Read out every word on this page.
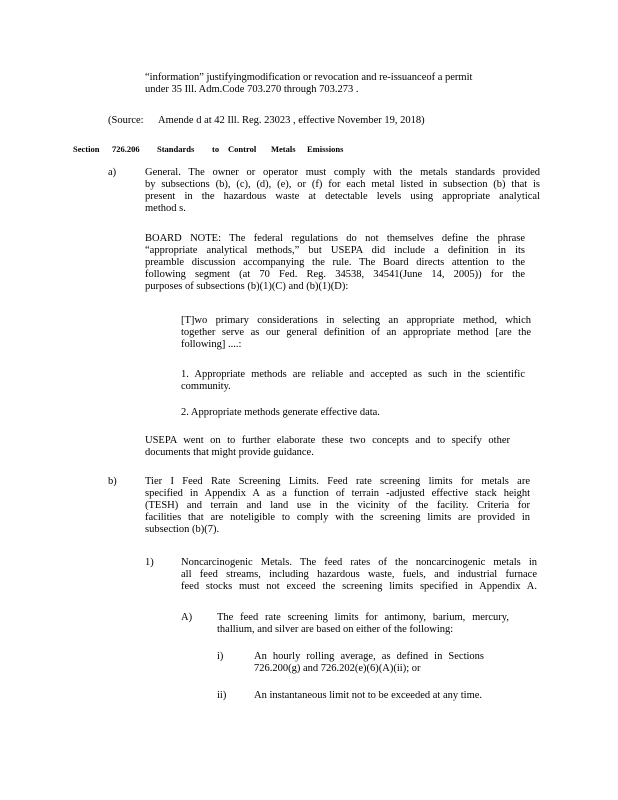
“information” justifyingmodification or revocation and re-issuanceof a permit
under 35 Ill. Adm.Code 703.270 through 703.273 .
(Source: Amende d at 42 Ill. Reg. 23023 , effective November 19, 2018)
Section 726.206 Standards to Control Metals Emissions
a)	General. The owner or operator must comply with the metals standards provided
by subsections (b), (c), (d), (e), or (f) for each metal listed in subsection (b) that is
present in the hazardous waste at detectable levels using appropriate analytical
method s.
BOARD NOTE: The federal regulations do not themselves define the phrase
“appropriate analytical methods,” but USEPA did include a definition in its
preamble discussion accompanying the rule. The Board directs attention to the
following segment (at 70 Fed. Reg. 34538, 34541(June 14, 2005)) for the
purposes of subsections (b)(1)(C) and (b)(1)(D):
[T]wo primary considerations in selecting an appropriate method, which
together serve as our general definition of an appropriate method [are the
following] ....:
1. Appropriate methods are reliable and accepted as such in the scientific
community.
2. Appropriate methods generate effective data.
USEPA went on to further elaborate these two concepts and to specify other
documents that might provide guidance.
b)	Tier I Feed Rate Screening Limits. Feed rate screening limits for metals are
specified in Appendix A as a function of terrain -adjusted effective stack height
(TESH) and terrain and land use in the vicinity of the facility. Criteria for
facilities that are noteligible to comply with the screening limits are provided in
subsection (b)(7).
1)	Noncarcinogenic Metals. The feed rates of the noncarcinogenic metals in
all feed streams, including hazardous waste, fuels, and industrial furnace
feed stocks must not exceed the screening limits specified in Appendix A.
A) The feed rate screening limits for antimony, barium, mercury,
thallium, and silver are based on either of the following:
i)	An hourly rolling average, as defined in Sections
726.200(g) and 726.202(e)(6)(A)(ii); or
ii)	An instantaneous limit not to be exceeded at any time.
